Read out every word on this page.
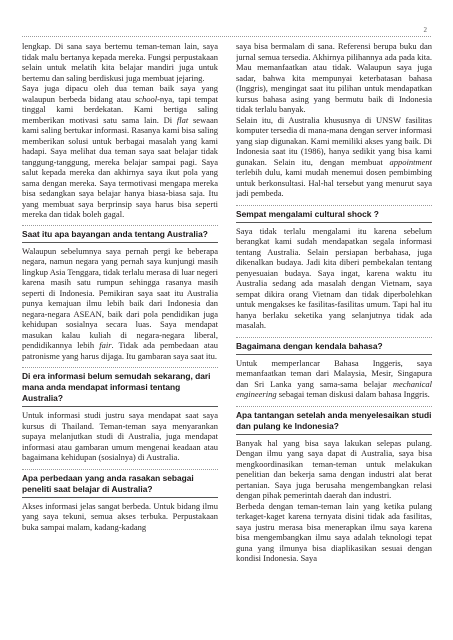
2

lengkap. Di sana saya bertemu teman-teman lain, saya tidak malu bertanya kepada mereka. Fungsi perpustakaan selain untuk melatih kita belajar mandiri juga untuk bertemu dan saling berdiskusi juga membuat jejaring.

Saya juga dipacu oleh dua teman baik saya yang walaupun berbeda bidang atau school-nya, tapi tempat tinggal kami berdekatan. Kami bertiga saling memberikan motivasi satu sama lain. Di flat sewaan kami saling bertukar informasi. Rasanya kami bisa saling memberikan solusi untuk berbagai masalah yang kami hadapi. Saya melihat dua teman saya saat belajar tidak tanggung-tanggung, mereka belajar sampai pagi. Saya salut kepada mereka dan akhirnya saya ikut pola yang sama dengan mereka. Saya termotivasi mengapa mereka bisa sedangkan saya belajar hanya biasa-biasa saja. Itu yang membuat saya berprinsip saya harus bisa seperti mereka dan tidak boleh gagal.

Saat itu apa bayangan anda tentang Australia?

Walaupun sebelumnya saya pernah pergi ke beberapa negara, namun negara yang pernah saya kunjungi masih lingkup Asia Tenggara, tidak terlalu merasa di luar negeri karena masih satu rumpun sehingga rasanya masih seperti di Indonesia. Pemikiran saya saat itu Australia punya kemajuan ilmu lebih baik dari Indonesia dan negara-negara ASEAN, baik dari pola pendidikan juga kehidupan sosialnya secara luas. Saya mendapat masukan kalau kuliah di negara-negara liberal, pendidikannya lebih fair. Tidak ada pembedaan atau patronisme yang harus dijaga. Itu gambaran saya saat itu.

Di era informasi belum semudah sekarang, dari mana anda mendapat informasi tentang Australia?

Untuk informasi studi justru saya mendapat saat saya kursus di Thailand. Teman-teman saya menyarankan supaya melanjutkan studi di Australia, juga mendapat informasi atau gambaran umum mengenai keadaan atau bagaimana kehidupan (sosialnya) di Australia.

Apa perbedaan yang anda rasakan sebagai peneliti saat belajar di Australia?

Akses informasi jelas sangat berbeda. Untuk bidang ilmu yang saya tekuni, semua akses terbuka. Perpustakaan buka sampai malam, kadang-kadang

saya bisa bermalam di sana. Referensi berupa buku dan jurnal semua tersedia. Akhirnya pilihannya ada pada kita. Mau memanfaatkan atau tidak. Walaupun saya juga sadar, bahwa kita mempunyai keterbatasan bahasa (Inggris), mengingat saat itu pilihan untuk mendapatkan kursus bahasa asing yang bermutu baik di Indonesia tidak terlalu banyak.

Selain itu, di Australia khususnya di UNSW fasilitas komputer tersedia di mana-mana dengan server informasi yang siap digunakan. Kami memiliki akses yang baik. Di Indonesia saat itu (1986), hanya sedikit yang bisa kami gunakan. Selain itu, dengan membuat appointment terlebih dulu, kami mudah menemui dosen pembimbing untuk berkonsultasi. Hal-hal tersebut yang menurut saya jadi pembeda.

Sempat mengalami cultural shock ?

Saya tidak terlalu mengalami itu karena sebelum berangkat kami sudah mendapatkan segala informasi tentang Australia. Selain persiapan berbahasa, juga dikenalkan budaya. Jadi kita diberi pembekalan tentang penyesuaian budaya. Saya ingat, karena waktu itu Australia sedang ada masalah dengan Vietnam, saya sempat dikira orang Vietnam dan tidak diperbolehkan untuk mengakses ke fasilitas-fasilitas umum. Tapi hal itu hanya berlaku seketika yang selanjutnya tidak ada masalah.

Bagaimana dengan kendala bahasa?

Untuk memperlancar Bahasa Inggeris, saya memanfaatkan teman dari Malaysia, Mesir, Singapura dan Sri Lanka yang sama-sama belajar mechanical engineering sebagai teman diskusi dalam bahasa Inggris.

Apa tantangan setelah anda menyelesaikan studi dan pulang ke Indonesia?

Banyak hal yang bisa saya lakukan selepas pulang. Dengan ilmu yang saya dapat di Australia, saya bisa mengkoordinasikan teman-teman untuk melakukan penelitian dan bekerja sama dengan industri alat berat pertanian. Saya juga berusaha mengembangkan relasi dengan pihak pemerintah daerah dan industri.

Berbeda dengan teman-teman lain yang ketika pulang terkaget-kaget karena ternyata disini tidak ada fasilitas, saya justru merasa bisa menerapkan ilmu saya karena bisa mengembangkan ilmu saya adalah teknologi tepat guna yang ilmunya bisa diaplikasikan sesuai dengan kondisi Indonesia. Saya
